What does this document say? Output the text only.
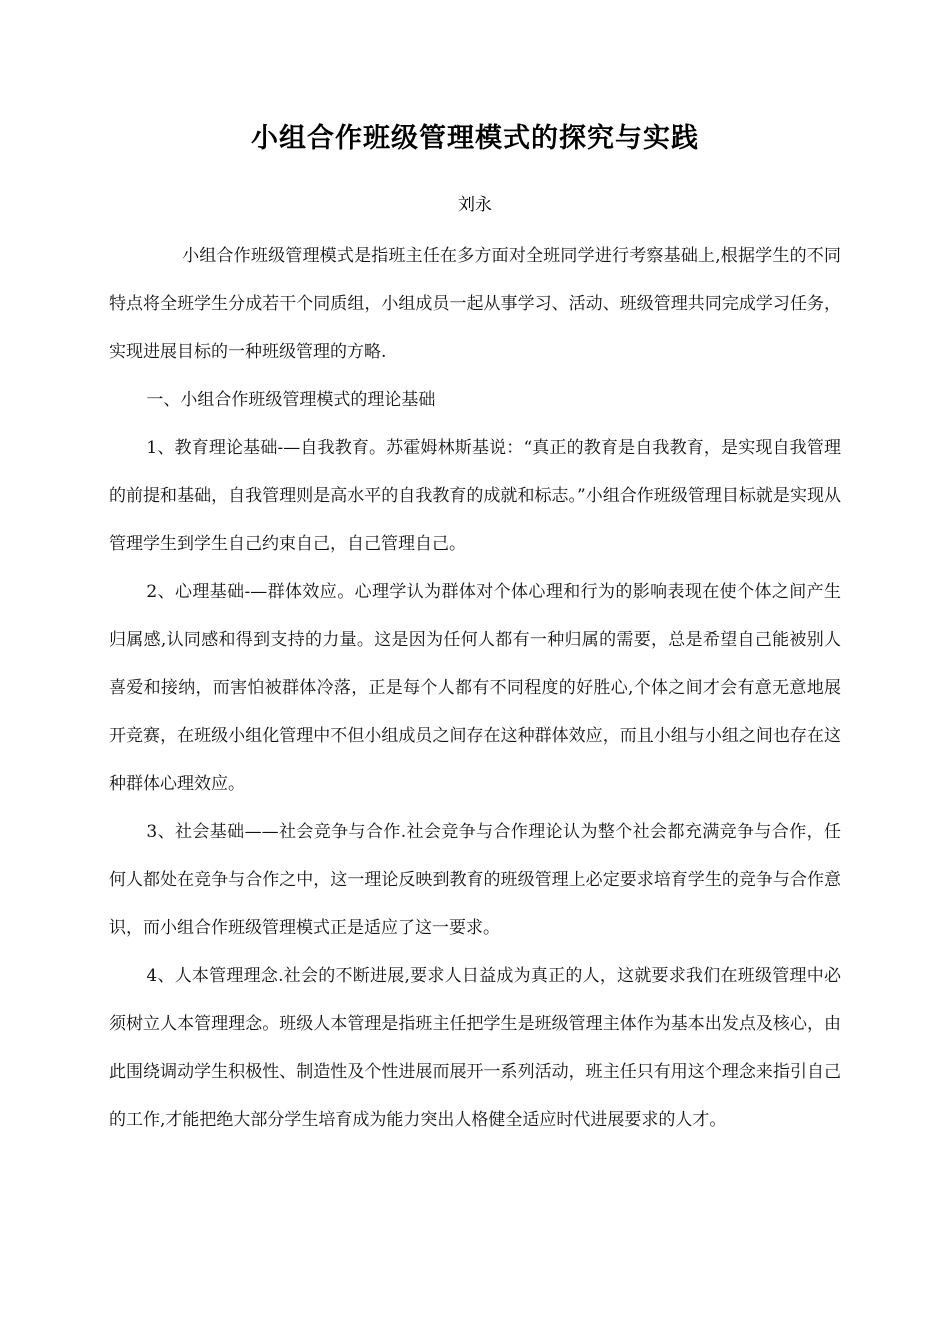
小组合作班级管理模式的探究与实践
刘永

小组合作班级管理模式是指班主任在多方面对全班同学进行考察基础上,根据学生的不同特点将全班学生分成若干个同质组，小组成员一起从事学习、活动、班级管理共同完成学习任务，实现进展目标的一种班级管理的方略.

一、小组合作班级管理模式的理论基础

1、教育理论基础-—自我教育。苏霍姆林斯基说：“真正的教育是自我教育，是实现自我管理的前提和基础，自我管理则是高水平的自我教育的成就和标志。”小组合作班级管理目标就是实现从管理学生到学生自己约束自己，自己管理自己。

2、心理基础-—群体效应。心理学认为群体对个体心理和行为的影响表现在使个体之间产生归属感,认同感和得到支持的力量。这是因为任何人都有一种归属的需要，总是希望自己能被别人喜爱和接纳，而害怕被群体冷落，正是每个人都有不同程度的好胜心,个体之间才会有意无意地展开竞赛，在班级小组化管理中不但小组成员之间存在这种群体效应，而且小组与小组之间也存在这种群体心理效应。

3、社会基础——社会竞争与合作.社会竞争与合作理论认为整个社会都充满竞争与合作，任何人都处在竞争与合作之中，这一理论反映到教育的班级管理上必定要求培育学生的竞争与合作意识，而小组合作班级管理模式正是适应了这一要求。

4、人本管理理念.社会的不断进展,要求人日益成为真正的人，这就要求我们在班级管理中必须树立人本管理理念。班级人本管理是指班主任把学生是班级管理主体作为基本出发点及核心，由此围绕调动学生积极性、制造性及个性进展而展开一系列活动，班主任只有用这个理念来指引自己的工作,才能把绝大部分学生培育成为能力突出人格健全适应时代进展要求的人才。
